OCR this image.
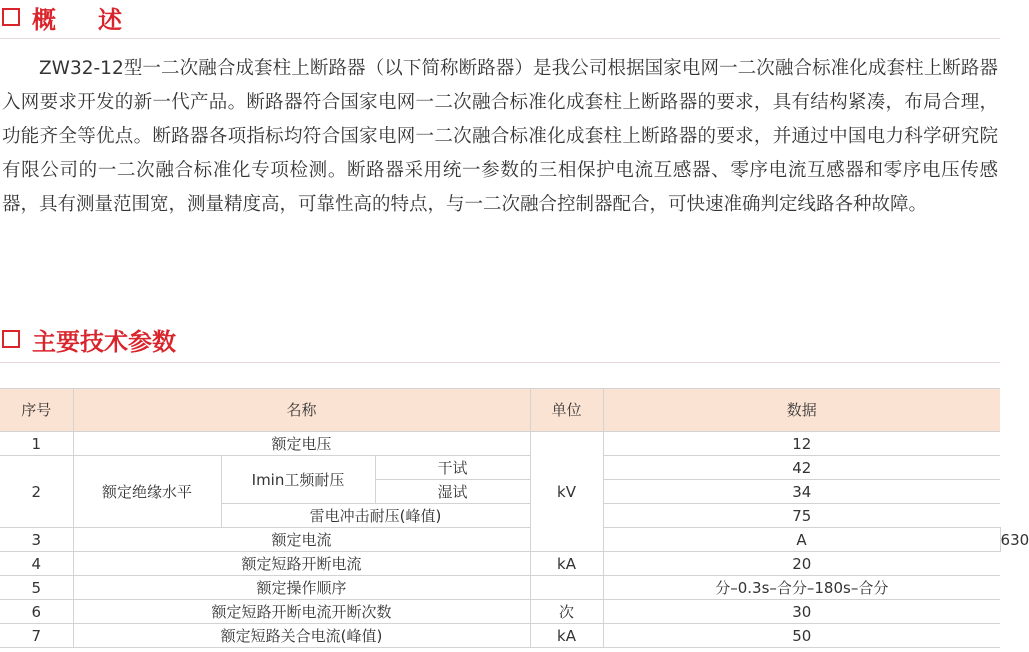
概述

ZW32-12型一二次融合成套柱上断路器（以下简称断路器）是我公司根据国家电网一二次融合标准化成套柱上断路器入网要求开发的新一代产品。断路器符合国家电网一二次融合标准化成套柱上断路器的要求，具有结构紧凑，布局合理，功能齐全等优点。断路器各项指标均符合国家电网一二次融合标准化成套柱上断路器的要求，并通过中国电力科学研究院有限公司的一二次融合标准化专项检测。断路器采用统一参数的三相保护电流互感器、零序电流互感器和零序电压传感器，具有测量范围宽，测量精度高，可靠性高的特点，与一二次融合控制器配合，可快速准确判定线路各种故障。

主要技术参数
序号	名称			单位	数据	
1	额定电压			kV	12	
2	额定绝缘水平	Imin工频耐压	干试		42	
			湿试		34	
		雷电冲击耐压(峰值)			75	
3	额定电流				A	630
4	额定短路开断电流			kA	20	
5	额定操作顺序				分–0.3s–合分–180s–合分	
6	额定短路开断电流开断次数			次	30	
7	额定短路关合电流(峰值)			kA	50	
